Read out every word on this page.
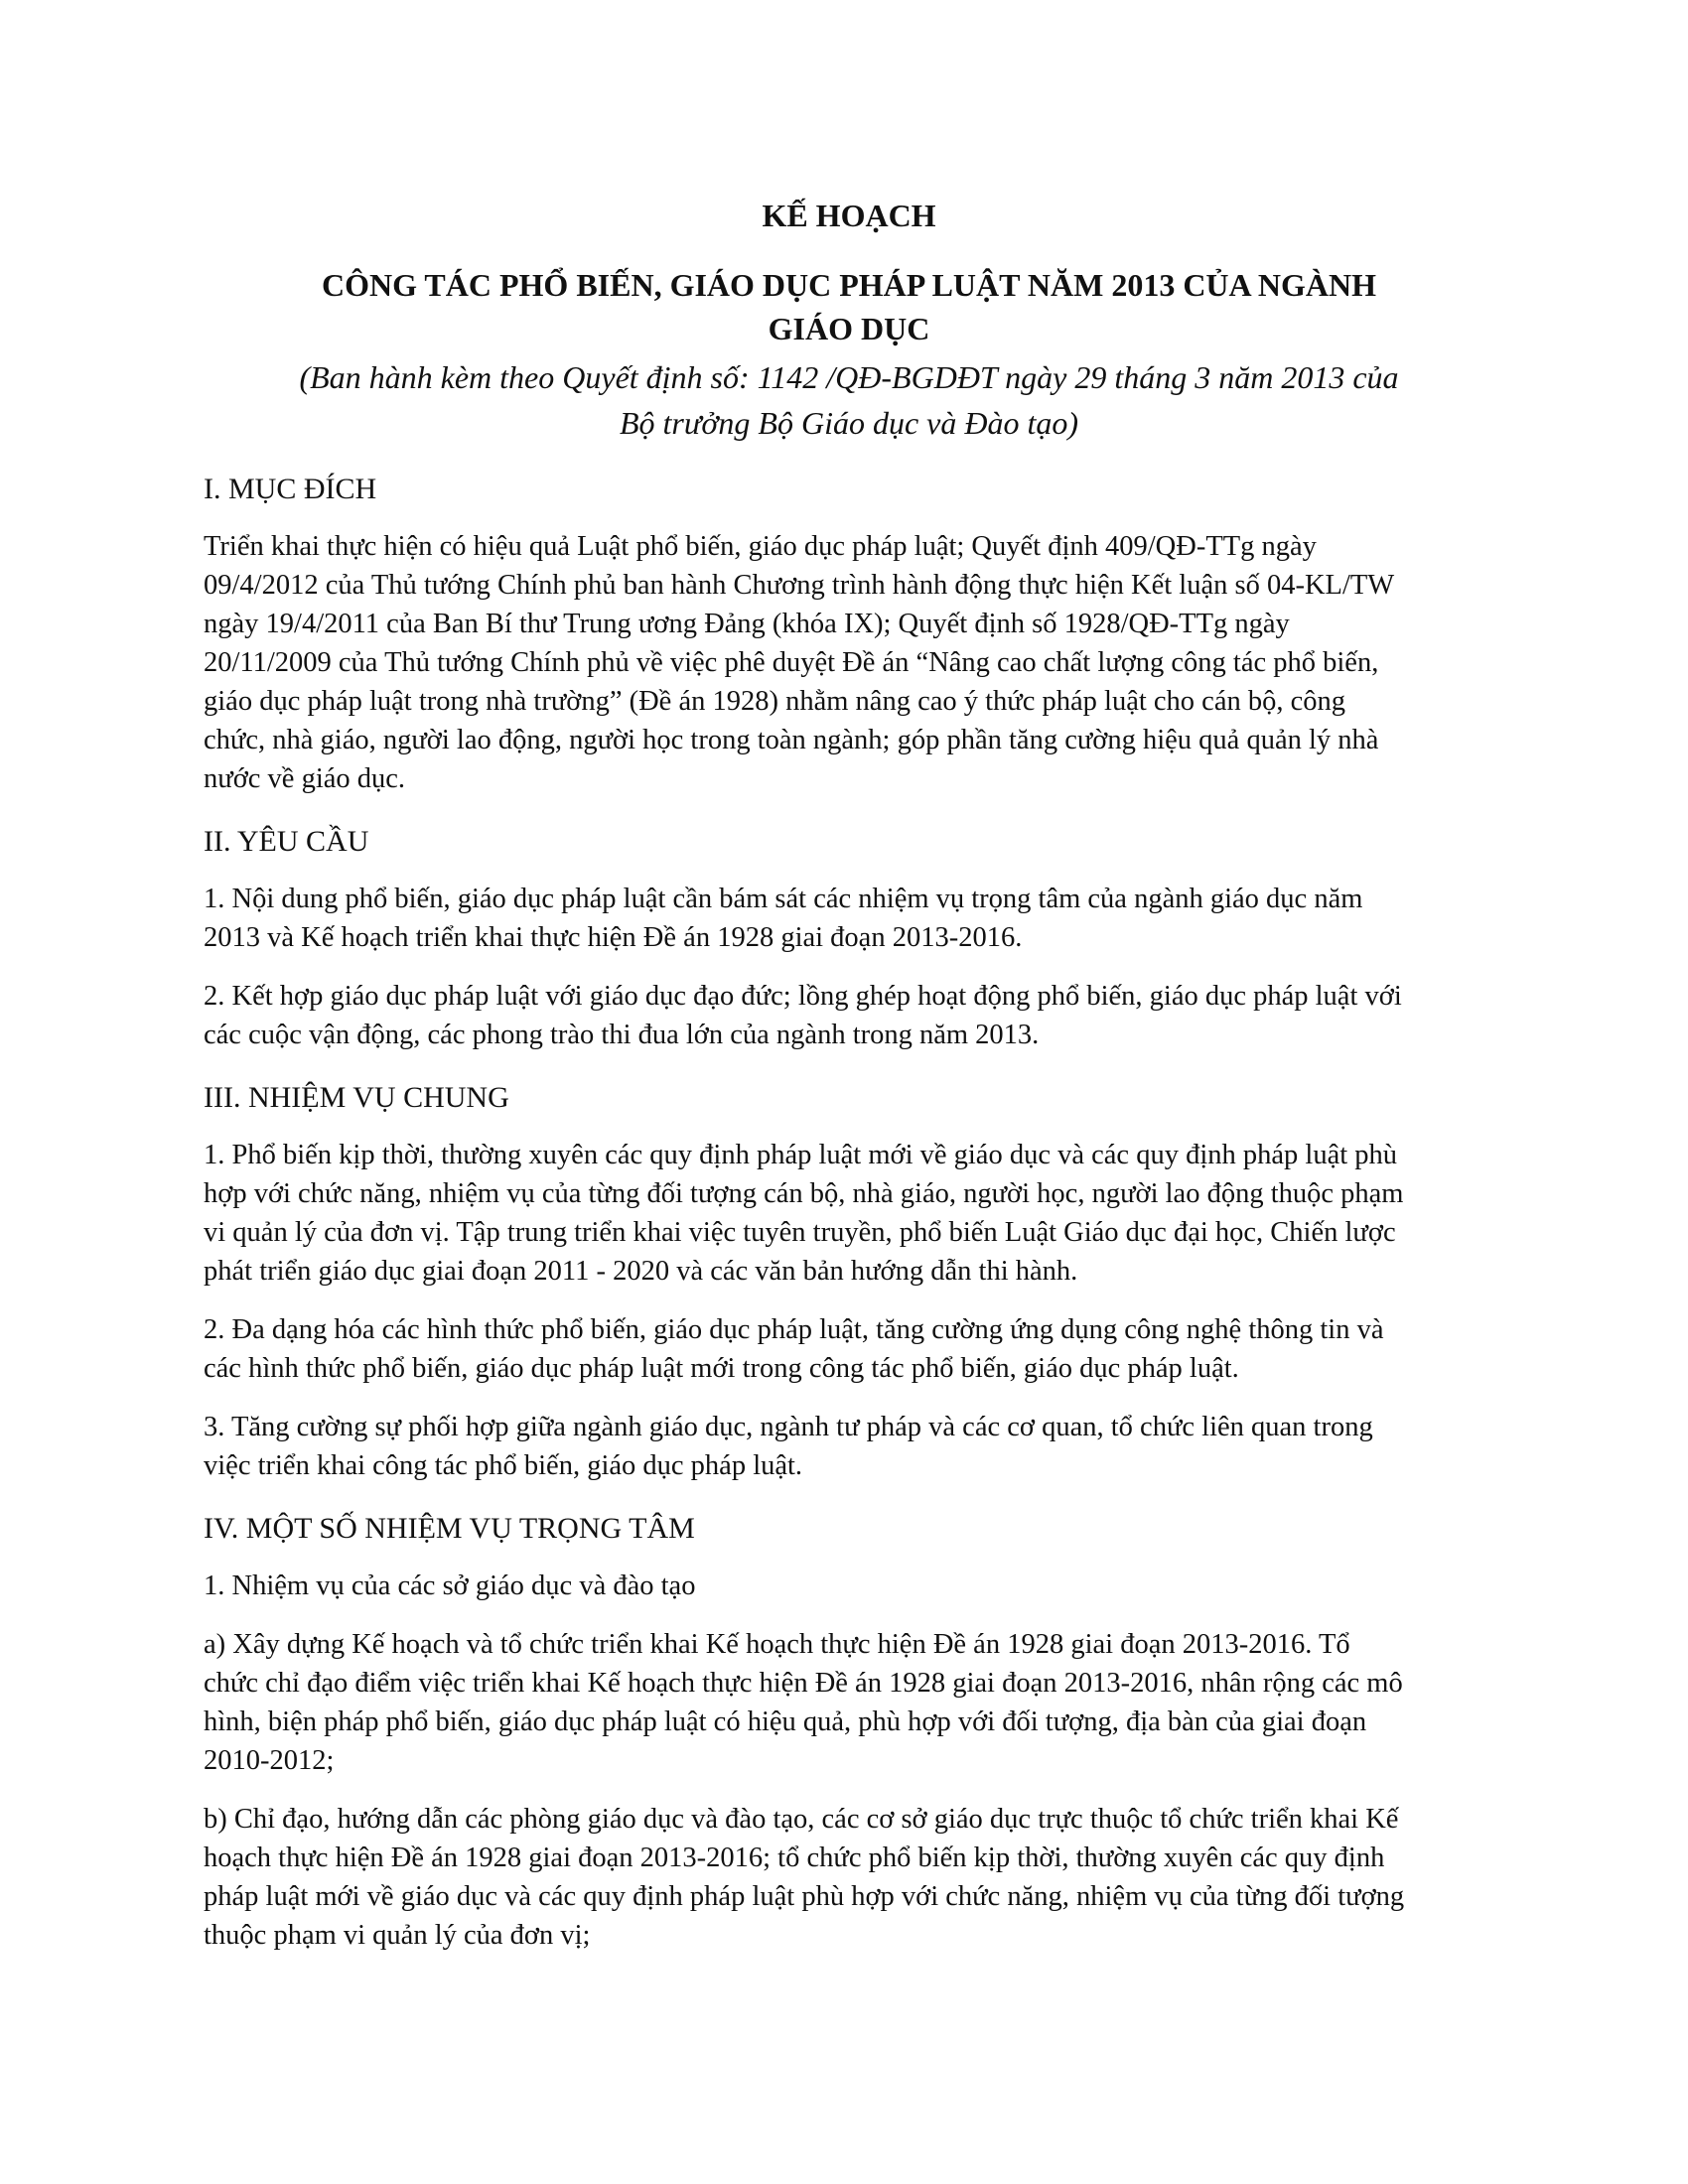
KẾ HOẠCH
CÔNG TÁC PHỔ BIẾN, GIÁO DỤC PHÁP LUẬT NĂM 2013 CỦA NGÀNH
GIÁO DỤC
(Ban hành kèm theo Quyết định số: 1142 /QĐ-BGDĐT ngày 29 tháng 3 năm 2013 của
Bộ trưởng Bộ Giáo dục và Đào tạo)
I. MỤC ĐÍCH
Triển khai thực hiện có hiệu quả Luật phổ biến, giáo dục pháp luật; Quyết định 409/QĐ-TTg ngày
09/4/2012 của Thủ tướng Chính phủ ban hành Chương trình hành động thực hiện Kết luận số 04-KL/TW
ngày 19/4/2011 của Ban Bí thư Trung ương Đảng (khóa IX); Quyết định số 1928/QĐ-TTg ngày
20/11/2009 của Thủ tướng Chính phủ về việc phê duyệt Đề án “Nâng cao chất lượng công tác phổ biến,
giáo dục pháp luật trong nhà trường” (Đề án 1928) nhằm nâng cao ý thức pháp luật cho cán bộ, công
chức, nhà giáo, người lao động, người học trong toàn ngành; góp phần tăng cường hiệu quả quản lý nhà
nước về giáo dục.
II. YÊU CẦU
1. Nội dung phổ biến, giáo dục pháp luật cần bám sát các nhiệm vụ trọng tâm của ngành giáo dục năm
2013 và Kế hoạch triển khai thực hiện Đề án 1928 giai đoạn 2013-2016.
2. Kết hợp giáo dục pháp luật với giáo dục đạo đức; lồng ghép hoạt động phổ biến, giáo dục pháp luật với
các cuộc vận động, các phong trào thi đua lớn của ngành trong năm 2013.
III. NHIỆM VỤ CHUNG
1. Phổ biến kịp thời, thường xuyên các quy định pháp luật mới về giáo dục và các quy định pháp luật phù
hợp với chức năng, nhiệm vụ của từng đối tượng cán bộ, nhà giáo, người học, người lao động thuộc phạm
vi quản lý của đơn vị. Tập trung triển khai việc tuyên truyền, phổ biến Luật Giáo dục đại học, Chiến lược
phát triển giáo dục giai đoạn 2011 - 2020 và các văn bản hướng dẫn thi hành.
2. Đa dạng hóa các hình thức phổ biến, giáo dục pháp luật, tăng cường ứng dụng công nghệ thông tin và
các hình thức phổ biến, giáo dục pháp luật mới trong công tác phổ biến, giáo dục pháp luật.
3. Tăng cường sự phối hợp giữa ngành giáo dục, ngành tư pháp và các cơ quan, tổ chức liên quan trong
việc triển khai công tác phổ biến, giáo dục pháp luật.
IV. MỘT SỐ NHIỆM VỤ TRỌNG TÂM
1. Nhiệm vụ của các sở giáo dục và đào tạo
a) Xây dựng Kế hoạch và tổ chức triển khai Kế hoạch thực hiện Đề án 1928 giai đoạn 2013-2016. Tổ
chức chỉ đạo điểm việc triển khai Kế hoạch thực hiện Đề án 1928 giai đoạn 2013-2016, nhân rộng các mô
hình, biện pháp phổ biến, giáo dục pháp luật có hiệu quả, phù hợp với đối tượng, địa bàn của giai đoạn
2010-2012;
b) Chỉ đạo, hướng dẫn các phòng giáo dục và đào tạo, các cơ sở giáo dục trực thuộc tổ chức triển khai Kế
hoạch thực hiện Đề án 1928 giai đoạn 2013-2016; tổ chức phổ biến kịp thời, thường xuyên các quy định
pháp luật mới về giáo dục và các quy định pháp luật phù hợp với chức năng, nhiệm vụ của từng đối tượng
thuộc phạm vi quản lý của đơn vị;
